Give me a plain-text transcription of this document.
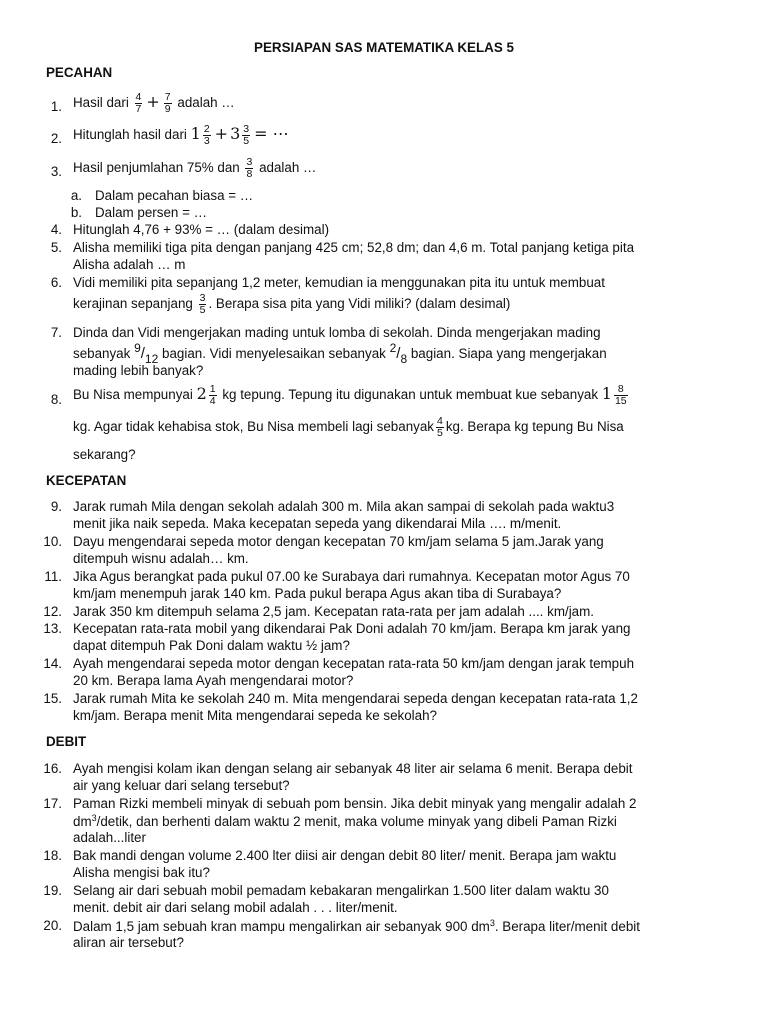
PERSIAPAN SAS MATEMATIKA KELAS 5
PECAHAN
1. Hasil dari $\frac{4}{7} + \frac{7}{9}$ adalah …
2. Hitunglah hasil dari $1 \frac{2}{3} + 3 \frac{3}{5}$ = ⋯
3. Hasil penjumlahan 75% dan $\frac{3}{8}$ adalah …
a. Dalam pecahan biasa = …
b. Dalam persen = …
4. Hitunglah 4,76 + 93% = … (dalam desimal)
5. Alisha memiliki tiga pita dengan panjang 425 cm; 52,8 dm; dan 4,6 m. Total panjang ketiga pita
Alisha adalah … m
6. Vidi memiliki pita sepanjang 1,2 meter, kemudian ia menggunakan pita itu untuk membuat
kerajinan sepanjang $\frac{3}{5}$ . Berapa sisa pita yang Vidi miliki? (dalam desimal)
7. Dinda dan Vidi mengerjakan mading untuk lomba di sekolah. Dinda mengerjakan mading
sebanyak 9/12 bagian. Vidi menyelesaikan sebanyak 2/8 bagian. Siapa yang mengerjakan
mading lebih banyak?
8. Bu Nisa mempunyai $2 \frac{1}{4}$ kg tepung. Tepung itu digunakan untuk membuat kue sebanyak $1 \frac{8}{15}$
kg. Agar tidak kehabisa stok, Bu Nisa membeli lagi sebanyak $\frac{4}{5}$ kg. Berapa kg tepung Bu Nisa
sekarang?
KECEPATAN
9. Jarak rumah Mila dengan sekolah adalah 300 m. Mila akan sampai di sekolah pada waktu3
menit jika naik sepeda. Maka kecepatan sepeda yang dikendarai Mila …. m/menit.
10. Dayu mengendarai sepeda motor dengan kecepatan 70 km/jam selama 5 jam.Jarak yang
ditempuh wisnu adalah… km.
11. Jika Agus berangkat pada pukul 07.00 ke Surabaya dari rumahnya. Kecepatan motor Agus 70
km/jam menempuh jarak 140 km. Pada pukul berapa Agus akan tiba di Surabaya?
12. Jarak 350 km ditempuh selama 2,5 jam. Kecepatan rata-rata per jam adalah .... km/jam.
13. Kecepatan rata-rata mobil yang dikendarai Pak Doni adalah 70 km/jam. Berapa km jarak yang
dapat ditempuh Pak Doni dalam waktu ½ jam?
14. Ayah mengendarai sepeda motor dengan kecepatan rata-rata 50 km/jam dengan jarak tempuh
20 km. Berapa lama Ayah mengendarai motor?
15. Jarak rumah Mita ke sekolah 240 m. Mita mengendarai sepeda dengan kecepatan rata-rata 1,2
km/jam. Berapa menit Mita mengendarai sepeda ke sekolah?
DEBIT
16. Ayah mengisi kolam ikan dengan selang air sebanyak 48 liter air selama 6 menit. Berapa debit
air yang keluar dari selang tersebut?
17. Paman Rizki membeli minyak di sebuah pom bensin. Jika debit minyak yang mengalir adalah 2
$dm^3$/detik, dan berhenti dalam waktu 2 menit, maka volume minyak yang dibeli Paman Rizki
adalah...liter
18. Bak mandi dengan volume 2.400 lter diisi air dengan debit 80 liter/ menit. Berapa jam waktu
Alisha mengisi bak itu?
19. Selang air dari sebuah mobil pemadam kebakaran mengalirkan 1.500 liter dalam waktu 30
menit. debit air dari selang mobil adalah . . . liter/menit.
20. Dalam 1,5 jam sebuah kran mampu mengalirkan air sebanyak 900 $dm^3$. Berapa liter/menit debit
aliran air tersebut?
